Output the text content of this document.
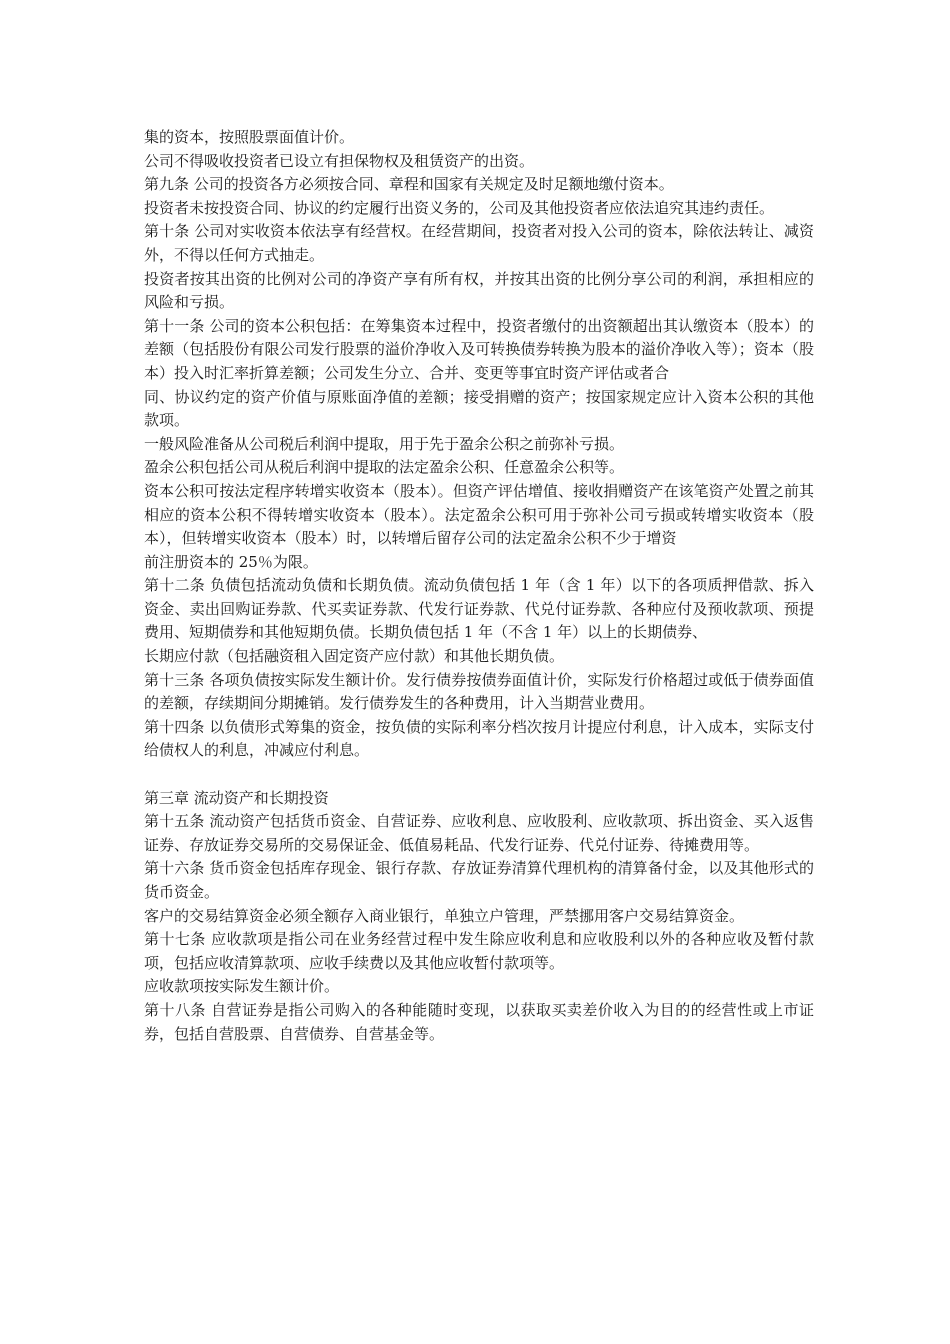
集的资本，按照股票面值计价。

公司不得吸收投资者已设立有担保物权及租赁资产的出资。

第九条 公司的投资各方必须按合同、章程和国家有关规定及时足额地缴付资本。

投资者未按投资合同、协议的约定履行出资义务的，公司及其他投资者应依法追究其违约责任。

第十条 公司对实收资本依法享有经营权。在经营期间，投资者对投入公司的资本，除依法转让、减资外，不得以任何方式抽走。

投资者按其出资的比例对公司的净资产享有所有权，并按其出资的比例分享公司的利润，承担相应的风险和亏损。

第十一条 公司的资本公积包括：在筹集资本过程中，投资者缴付的出资额超出其认缴资本（股本）的差额（包括股份有限公司发行股票的溢价净收入及可转换债券转换为股本的溢价净收入等）；资本（股本）投入时汇率折算差额；公司发生分立、合并、变更等事宜时资产评估或者合

同、协议约定的资产价值与原账面净值的差额；接受捐赠的资产；按国家规定应计入资本公积的其他款项。

一般风险准备从公司税后利润中提取，用于先于盈余公积之前弥补亏损。

盈余公积包括公司从税后利润中提取的法定盈余公积、任意盈余公积等。

资本公积可按法定程序转增实收资本（股本）。但资产评估增值、接收捐赠资产在该笔资产处置之前其相应的资本公积不得转增实收资本（股本）。法定盈余公积可用于弥补公司亏损或转增实收资本（股本），但转增实收资本（股本）时，以转增后留存公司的法定盈余公积不少于增资

前注册资本的 25％为限。

第十二条 负债包括流动负债和长期负债。流动负债包括 1 年（含 1 年）以下的各项质押借款、拆入资金、卖出回购证券款、代买卖证券款、代发行证券款、代兑付证券款、各种应付及预收款项、预提费用、短期债券和其他短期负债。长期负债包括 1 年（不含 1 年）以上的长期债券、

长期应付款（包括融资租入固定资产应付款）和其他长期负债。

第十三条 各项负债按实际发生额计价。发行债券按债券面值计价，实际发行价格超过或低于债券面值的差额，存续期间分期摊销。发行债券发生的各种费用，计入当期营业费用。

第十四条 以负债形式筹集的资金，按负债的实际利率分档次按月计提应付利息，计入成本，实际支付给债权人的利息，冲减应付利息。

第三章 流动资产和长期投资

第十五条 流动资产包括货币资金、自营证券、应收利息、应收股利、应收款项、拆出资金、买入返售证券、存放证券交易所的交易保证金、低值易耗品、代发行证券、代兑付证券、待摊费用等。

第十六条 货币资金包括库存现金、银行存款、存放证券清算代理机构的清算备付金，以及其他形式的货币资金。

客户的交易结算资金必须全额存入商业银行，单独立户管理，严禁挪用客户交易结算资金。

第十七条 应收款项是指公司在业务经营过程中发生除应收利息和应收股利以外的各种应收及暂付款项，包括应收清算款项、应收手续费以及其他应收暂付款项等。

应收款项按实际发生额计价。

第十八条 自营证券是指公司购入的各种能随时变现，以获取买卖差价收入为目的的经营性或上市证券，包括自营股票、自营债券、自营基金等。
